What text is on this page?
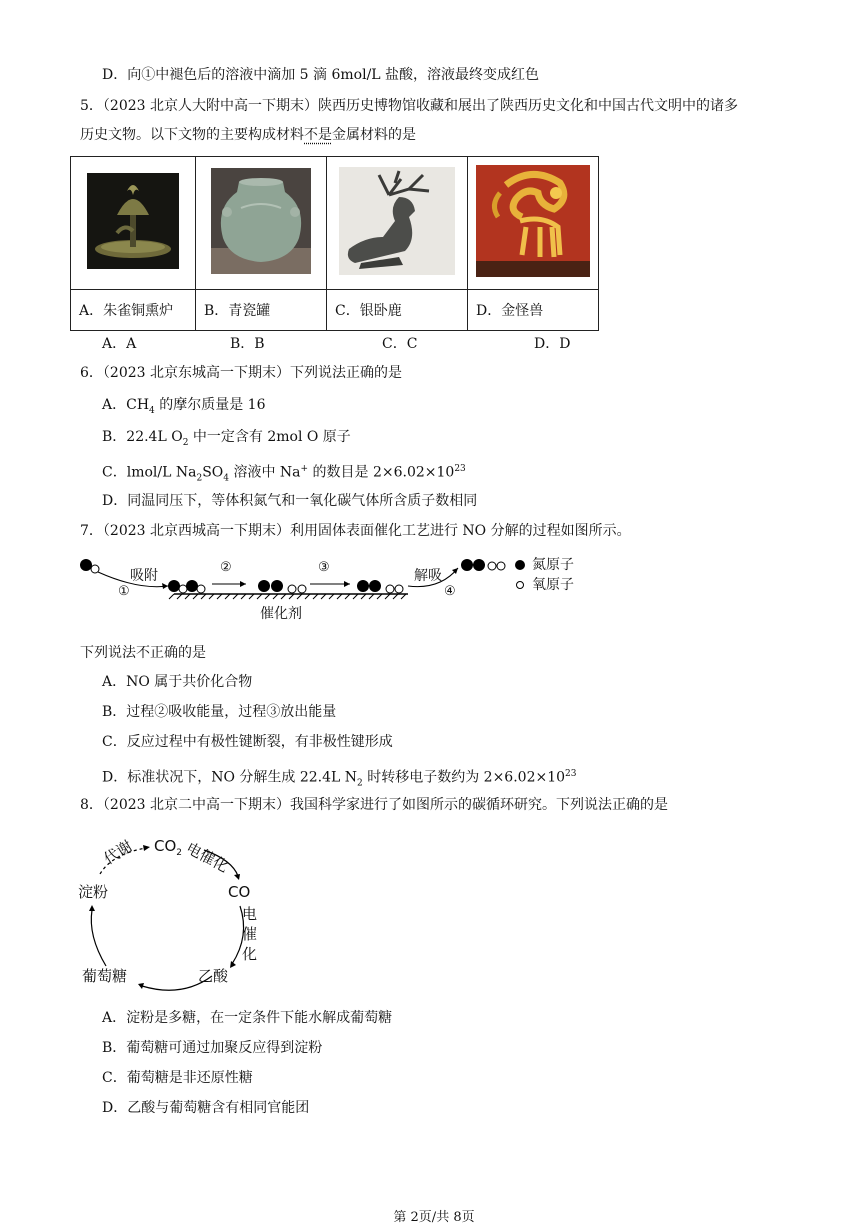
D．向①中褪色后的溶液中滴加 5 滴 6mol/L 盐酸，溶液最终变成红色
5．（2023 北京人大附中高一下期末）陕西历史博物馆收藏和展出了陕西历史文化和中国古代文明中的诸多
历史文物。以下文物的主要构成材料不是金属材料的是

A．朱雀铜熏炉	B．青瓷罐	C．银卧鹿	D．金怪兽
A．A	B．B	C．C	D．D
6．（2023 北京东城高一下期末）下列说法正确的是
A．$CH_4$ 的摩尔质量是 16
B．22.4L $O_2$ 中一定含有 2mol O 原子
C．lmol/L $Na_2SO_4$ 溶液中 Na+ 的数目是 $2\times 6.02\times 10^{23}$
D．同温同压下，等体积氮气和一氧化碳气体所含质子数相同
7．（2023 北京西城高一下期末）利用固体表面催化工艺进行 NO 分解的过程如图所示。
吸附
①
②	③
解吸
④
催化剂
氮原子
氧原子
下列说法不正确的是
A．NO 属于共价化合物
B．过程②吸收能量，过程③放出能量
C．反应过程中有极性键断裂，有非极性键形成
D．标准状况下，NO 分解生成 22.4L $N_2$ 时转移电子数约为 $2\times 6.02\times 10^{23}$
8．（2023 北京二中高一下期末）我国科学家进行了如图所示的碳循环研究。下列说法正确的是
$CO_2$
CO
乙酸
葡萄糖
淀粉
电催化
代谢
电
催
化
A．淀粉是多糖，在一定条件下能水解成葡萄糖
B．葡萄糖可通过加聚反应得到淀粉
C．葡萄糖是非还原性糖
D．乙酸与葡萄糖含有相同官能团
第 2页/共 8页
